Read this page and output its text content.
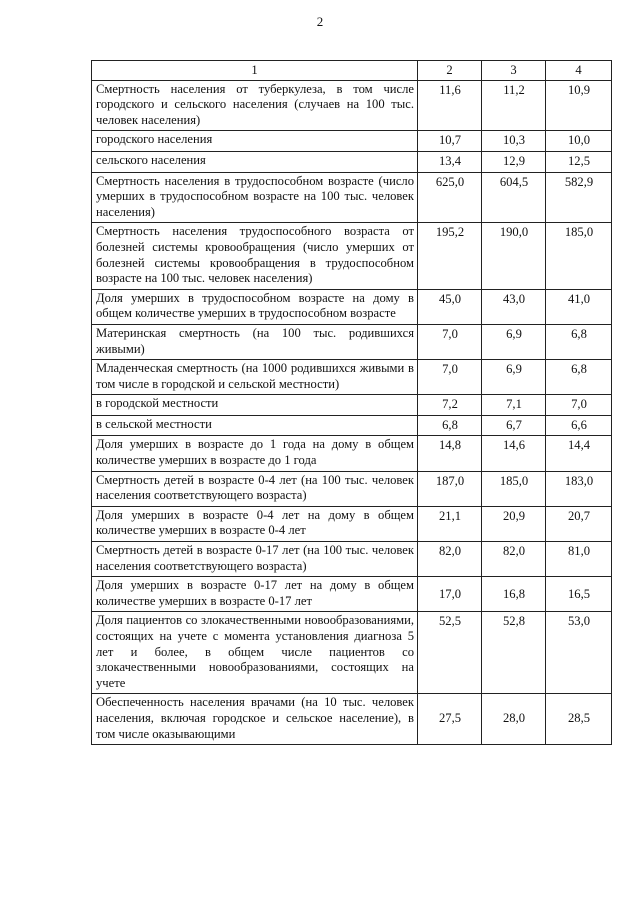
2
1	2	3	4
Смертность населения от туберкулеза, в том числе городского и сельского населения (случаев на 100 тыс. человек населения)	11,6	11,2	10,9
городского населения	10,7	10,3	10,0
сельского населения	13,4	12,9	12,5
Смертность населения в трудоспособном возрасте (число умерших в трудоспособном возрасте на 100 тыс. человек населения)	625,0	604,5	582,9
Смертность населения трудоспособного возраста от болезней системы кровообращения (число умерших от болезней системы кровообращения в трудоспособном возрасте на 100 тыс. человек населения)	195,2	190,0	185,0
Доля умерших в трудоспособном возрасте на дому в общем количестве умерших в трудоспособном возрасте	45,0	43,0	41,0
Материнская смертность (на 100 тыс. родившихся живыми)	7,0	6,9	6,8
Младенческая смертность (на 1000 родившихся живыми в том числе в городской и сельской местности)	7,0	6,9	6,8
в городской местности	7,2	7,1	7,0
в сельской местности	6,8	6,7	6,6
Доля умерших в возрасте до 1 года на дому в общем количестве умерших в возрасте до 1 года	14,8	14,6	14,4
Смертность детей в возрасте 0-4 лет (на 100 тыс. человек населения соответствующего возраста)	187,0	185,0	183,0
Доля умерших в возрасте 0-4 лет на дому в общем количестве умерших в возрасте 0-4 лет	21,1	20,9	20,7
Смертность детей в возрасте 0-17 лет (на 100 тыс. человек населения соответствующего возраста)	82,0	82,0	81,0
Доля умерших в возрасте 0-17 лет на дому в общем количестве умерших в возрасте 0-17 лет	17,0	16,8	16,5
Доля пациентов со злокачественными новообразованиями, состоящих на учете с момента установления диагноза 5 лет и более, в общем числе пациентов со злокачественными новообразованиями, состоящих на учете	52,5	52,8	53,0
Обеспеченность населения врачами (на 10 тыс. человек населения, включая городское и сельское население), в том числе оказывающими	27,5	28,0	28,5
